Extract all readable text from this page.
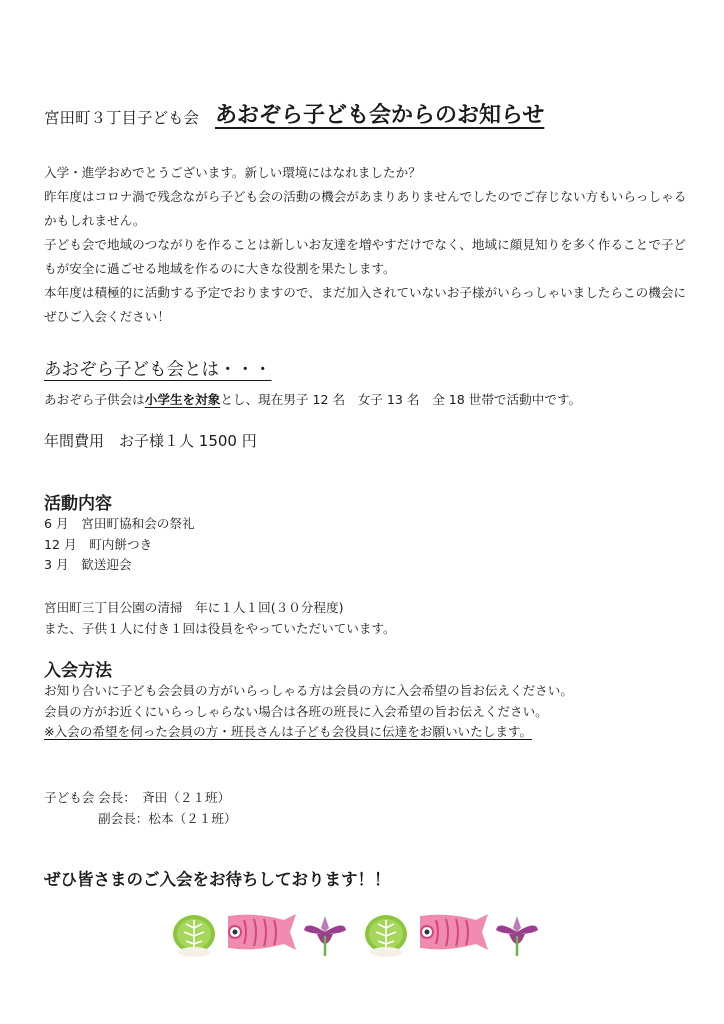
宮田町３丁目子ども会 あおぞら子ども会からのお知らせ

入学・進学おめでとうございます。新しい環境にはなれましたか？

昨年度はコロナ渦で残念ながら子ども会の活動の機会があまりありませんでしたのでご存じない方もいらっしゃるかもしれません。

子ども会で地域のつながりを作ることは新しいお友達を増やすだけでなく、地域に顔見知りを多く作ることで子どもが安全に過ごせる地域を作るのに大きな役割を果たします。

本年度は積極的に活動する予定でおりますので、まだ加入されていないお子様がいらっしゃいましたらこの機会にぜひご入会ください！

あおぞら子ども会とは・・・
あおぞら子供会は小学生を対象とし、現在男子 12 名　女子 13 名　全 18 世帯で活動中です。
年間費用　お子様１人 1500 円
活動内容
6 月　宮田町協和会の祭礼
12 月　町内餅つき
3 月　歓送迎会
宮田町三丁目公園の清掃　年に１人１回(３０分程度)
また、子供１人に付き１回は役員をやっていただいています。
入会方法
お知り合いに子ども会会員の方がいらっしゃる方は会員の方に入会希望の旨お伝えください。
会員の方がお近くにいらっしゃらない場合は各班の班長に入会希望の旨お伝えください。
※入会の希望を伺った会員の方・班長さんは子ども会役員に伝達をお願いいたします。
子ども会 会長：　斉田（２１班）
副会長：松本（２１班）
ぜひ皆さまのご入会をお待ちしております！！
